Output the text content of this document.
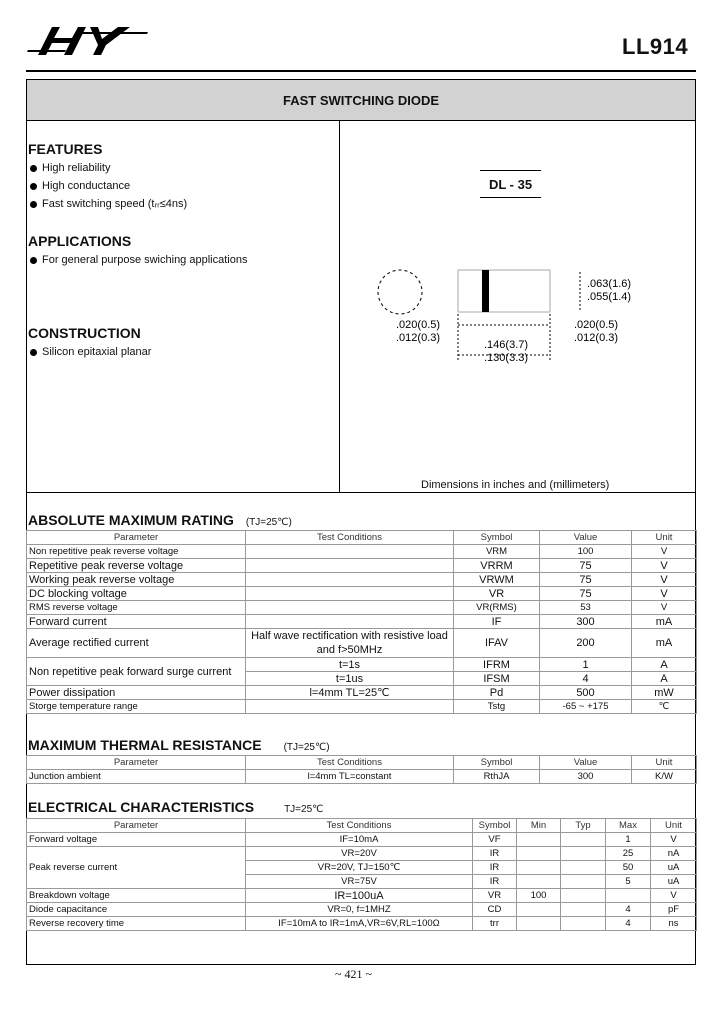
LL914
FAST SWITCHING DIODE
FEATURES
High reliability
High conductance
Fast switching speed (tᵣᵣ≤4ns)
APPLICATIONS
For general purpose swiching applications
CONSTRUCTION
Silicon epitaxial planar
DL - 35
.063(1.6)
.055(1.4)
.020(0.5)
.012(0.3)
.020(0.5)
.012(0.3)
.146(3.7)
.130(3.3)
Dimensions in inches and (millimeters)
ABSOLUTE MAXIMUM RATING (TJ=25℃)
Parameter	Test Conditions	Symbol	Value	Unit
Non repetitive peak reverse voltage		VRM	100	V
Repetitive peak reverse voltage		VRRM	75	V
Working peak reverse voltage		VRWM	75	V
DC blocking voltage		VR	75	V
RMS reverse voltage		VR(RMS)	53	V
Forward current		IF	300	mA
Average rectified current	Half wave rectification with resistive load and f>50MHz	IFAV	200	mA
Non repetitive peak forward surge current	t=1s	IFRM	1	A
	t=1us	IFSM	4	A
Power dissipation	l=4mm TL=25℃	Pd	500	mW
Storge temperature range		Tstg	-65 ~ +175	℃
MAXIMUM THERMAL RESISTANCE (TJ=25℃)
Parameter	Test Conditions	Symbol	Value	Unit
Junction ambient	l=4mm TL=constant	RthJA	300	K/W
ELECTRICAL CHARACTERISTICS	TJ=25℃
Parameter	Test Conditions	Symbol	Min	Typ	Max	Unit
Forward voltage	IF=10mA	VF			1	V
Peak reverse current	VR=20V	IR			25	nA
	VR=20V, TJ=150℃	IR			50	uA
	VR=75V	IR			5	uA
Breakdown voltage	IR=100uA	VR	100			V
Diode capacitance	VR=0, f=1MHZ	CD			4	pF
Reverse recovery time	IF=10mA to IR=1mA,VR=6V,RL=100Ω	trr			4	ns
~ 421 ~
